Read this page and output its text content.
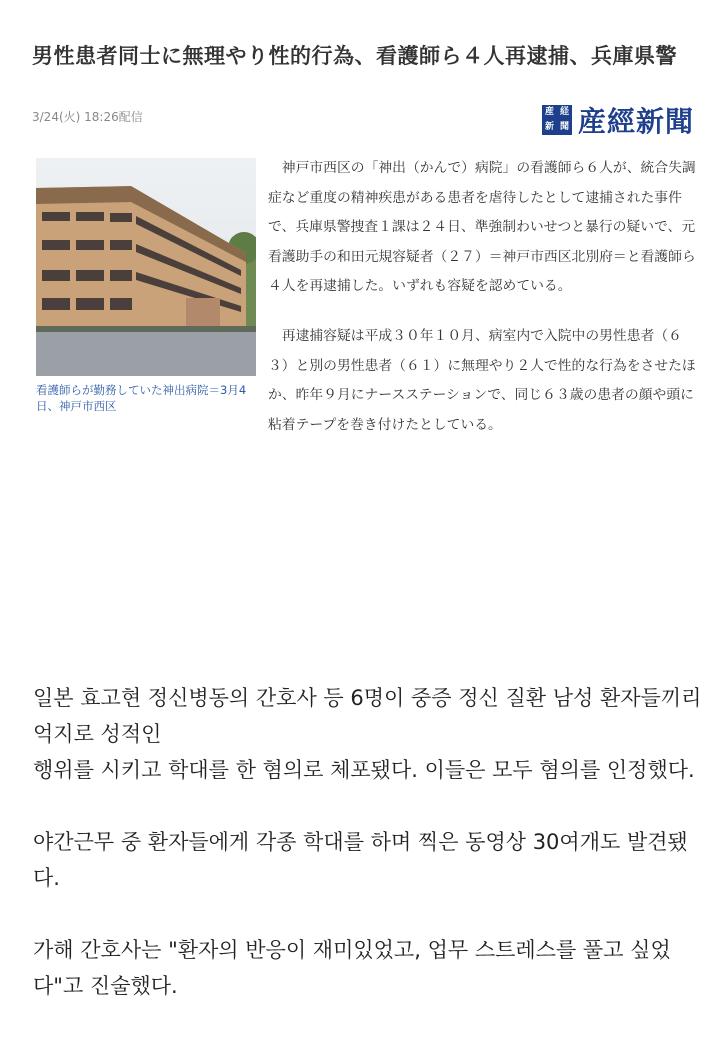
男性患者同士に無理やり性的行為、看護師ら４人再逮捕、兵庫県警
3/24(火) 18:26配信	産 経
新 聞 産經新聞
看護師らが勤務していた神出病院＝3月4日、神戸市西区

神戸市西区の「神出（かんで）病院」の看護師ら６人が、統合失調症など重度の精神疾患がある患者を虐待したとして逮捕された事件で、兵庫県警捜査１課は２４日、準強制わいせつと暴行の疑いで、元看護助手の和田元規容疑者（２７）＝神戸市西区北別府＝と看護師ら４人を再逮捕した。いずれも容疑を認めている。

再逮捕容疑は平成３０年１０月、病室内で入院中の男性患者（６３）と別の男性患者（６１）に無理やり２人で性的な行為をさせたほか、昨年９月にナースステーションで、同じ６３歳の患者の顔や頭に粘着テープを巻き付けたとしている。

일본 효고현 정신병동의 간호사 등 6명이 중증 정신 질환 남성 환자들끼리 억지로 성적인
행위를 시키고 학대를 한 혐의로 체포됐다. 이들은 모두 혐의를 인정했다.

야간근무 중 환자들에게 각종 학대를 하며 찍은 동영상 30여개도 발견됐다.

가해 간호사는 "환자의 반응이 재미있었고, 업무 스트레스를 풀고 싶었다"고 진술했다.
